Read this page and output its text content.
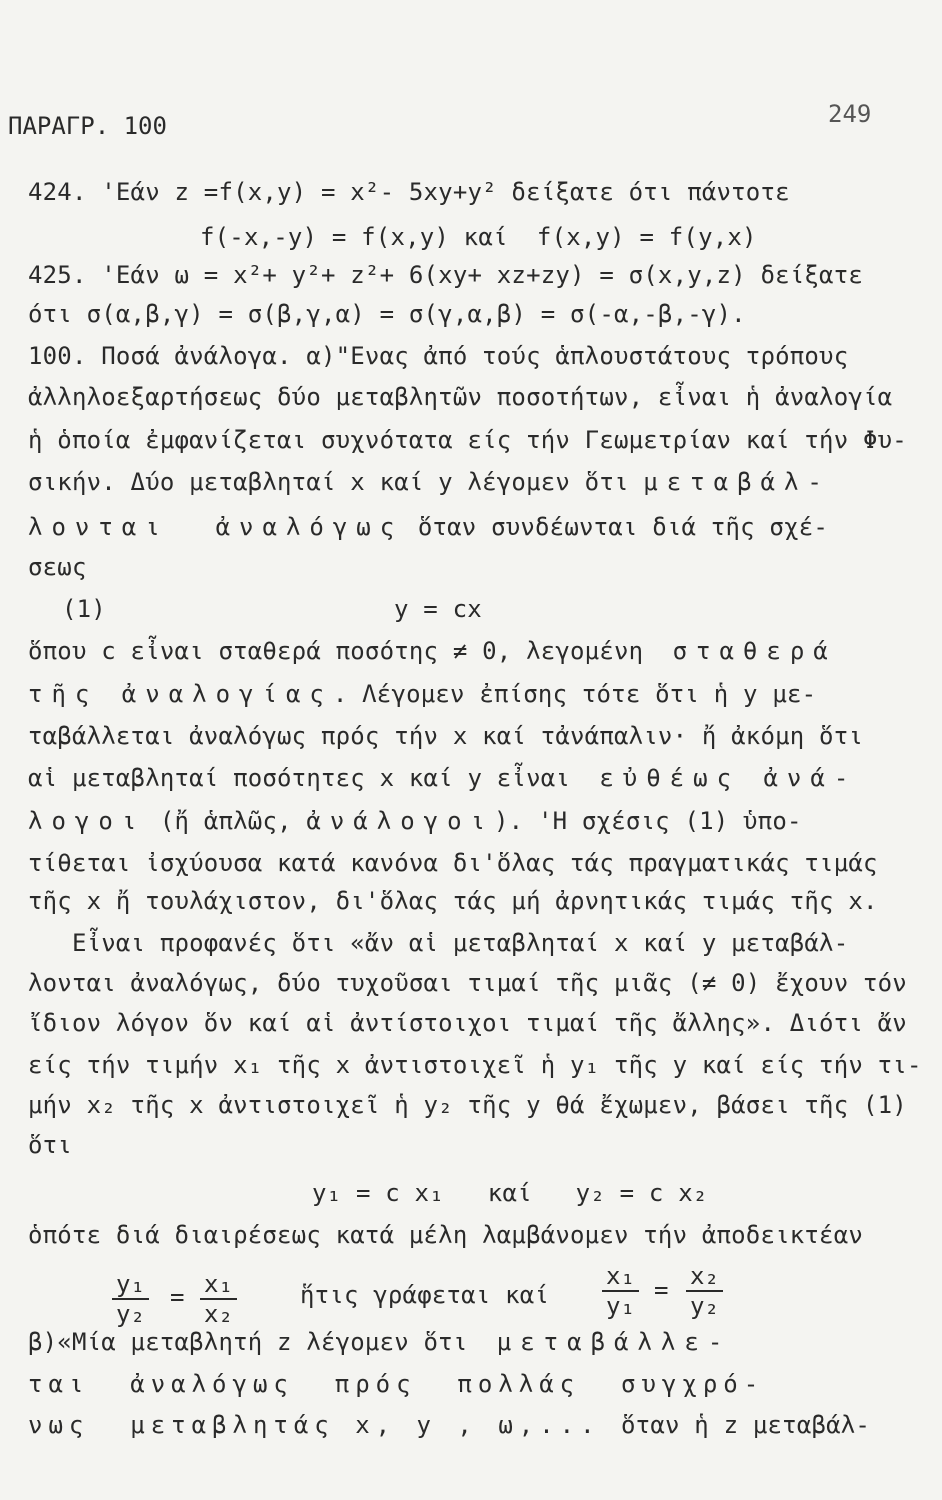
ΠΑΡΑΓΡ. 100	249
424. 'Εάν z =f(x,y) = x²- 5xy+y² δείξατε ότι πάντοτε
f(-x,-y) = f(x,y) καί  f(x,y) = f(y,x)
425. 'Εάν ω = x²+ y²+ z²+ 6(xy+ xz+zy) = σ(x,y,z) δείξατε
ότι σ(α,β,γ) = σ(β,γ,α) = σ(γ,α,β) = σ(-α,-β,-γ).
100. Ποσά ἀνάλογα. α)"Ενας ἀπό τούς ἁπλουστάτους τρόπους
ἀλληλοεξαρτήσεως δύο μεταβλητῶν ποσοτήτων, εἶναι ἡ ἀναλογία
ἡ ὁποία ἐμφανίζεται συχνότατα είς τήν Γεωμετρίαν καί τήν Φυ-
σικήν. Δύο μεταβληταί x καί y λέγομεν ὅτι μεταβάλ-
λονται  ἀναλόγως ὅταν συνδέωνται διά τῆς σχέ-
σεως
(1)	y = cx
ὅπου c εἶναι σταθερά ποσότης ≠ 0, λεγομένη  σταθερά
τῆς ἀναλογίας. Λέγομεν ἐπίσης τότε ὅτι ἡ y με-
ταβάλλεται ἀναλόγως πρός τήν x καί τἀνάπαλιν· ἤ ἀκόμη ὅτι
αἱ μεταβληταί ποσότητες x καί y εἶναι  εὐθέως ἀνά-
λογοι (ἤ ἁπλῶς, ἀνάλογοι). 'Η σχέσις (1) ὑπο-
τίθεται ἰσχύουσα κατά κανόνα δι'ὅλας τάς πραγματικάς τιμάς
τῆς x ἤ τουλάχιστον, δι'ὅλας τάς μή ἀρνητικάς τιμάς τῆς x.
Εἶναι προφανές ὅτι «ἄν αἱ μεταβληταί x καί y μεταβάλ-
λονται ἀναλόγως, δύο τυχοῦσαι τιμαί τῆς μιᾶς (≠ 0) ἔχουν τόν
ἴδιον λόγον ὅν καί αἱ ἀντίστοιχοι τιμαί τῆς ἄλλης». Διότι ἄν
είς τήν τιμήν x₁ τῆς x ἀντιστοιχεῖ ἡ y₁ τῆς y καί είς τήν τι-
μήν x₂ τῆς x ἀντιστοιχεῖ ἡ y₂ τῆς y θά ἔχωμεν, βάσει τῆς (1)
ὅτι
y₁ = c x₁   καί   y₂ = c x₂
ὁπότε διά διαιρέσεως κατά μέλη λαμβάνομεν τήν ἀποδεικτέαν
$\frac{\text{y₁}}{\text{y₂}} = \frac{\text{x₁}}{\text{x₂}}$	ἥτις γράφεται καί	$\frac{\text{x₁}}{\text{y₁}} = \frac{\text{x₂}}{\text{y₂}}$
β)«Μία μεταβλητή z λέγομεν ὅτι  μεταβάλλε-
ται  ἀναλόγως  πρός  πολλάς  συγχρό-
νως  μεταβλητάς x, y , ω,... ὅταν ἡ z μεταβάλ-
